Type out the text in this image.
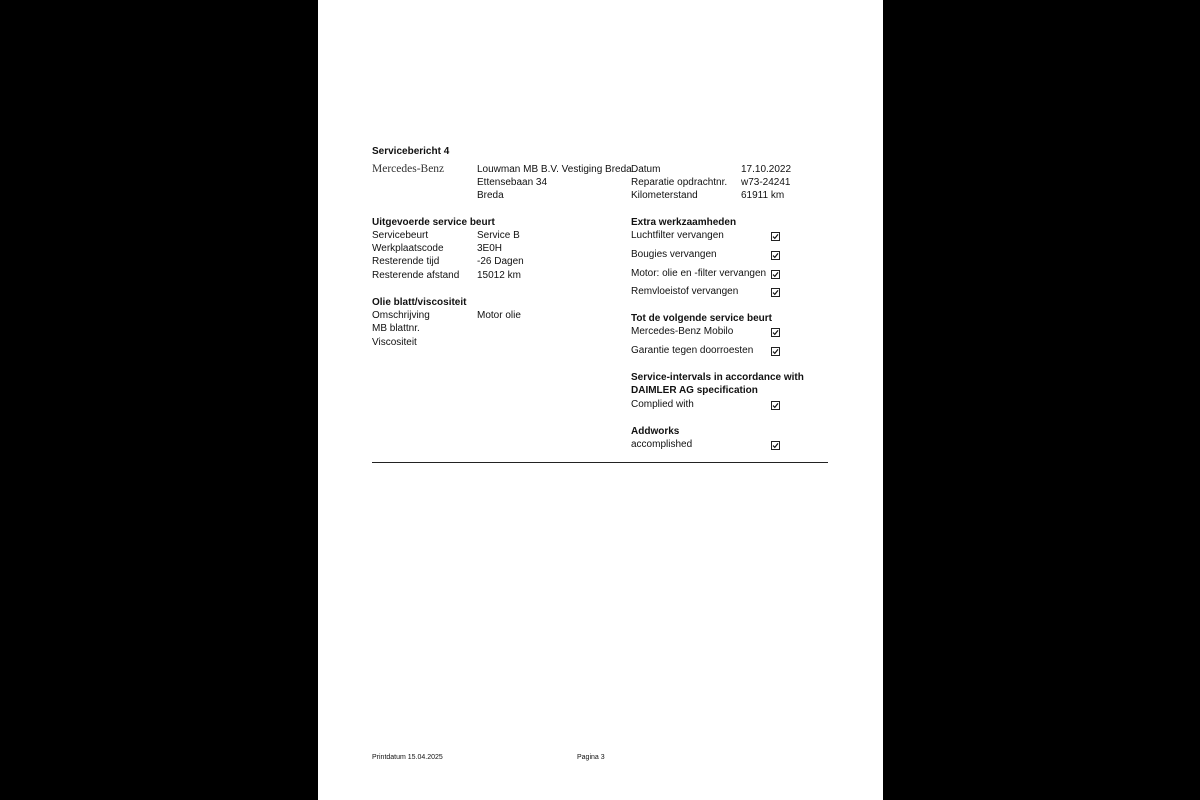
Servicebericht 4
Mercedes-Benz	Louwman MB B.V. Vestiging Breda
Ettensebaan 34
Breda
Datum	17.10.2022
Reparatie opdrachtnr. w73-24241
Kilometerstand	61911 km
Uitgevoerde service beurt
Servicebeurt	Service B
Werkplaatscode	3E0H
Resterende tijd	-26 Dagen
Resterende afstand 15012 km
Olie blatt/viscositeit
Omschrijving	Motor olie
MB blattnr.
Viscositeit
Extra werkzaamheden
Luchtfilter vervangen
Bougies vervangen
Motor: olie en -filter vervangen
Remvloeistof vervangen
Tot de volgende service beurt
Mercedes-Benz Mobilo
Garantie tegen doorroesten
Service-intervals in accordance with
DAIMLER AG specification
Complied with
Addworks
accomplished
Printdatum 15.04.2025	Pagina 3
